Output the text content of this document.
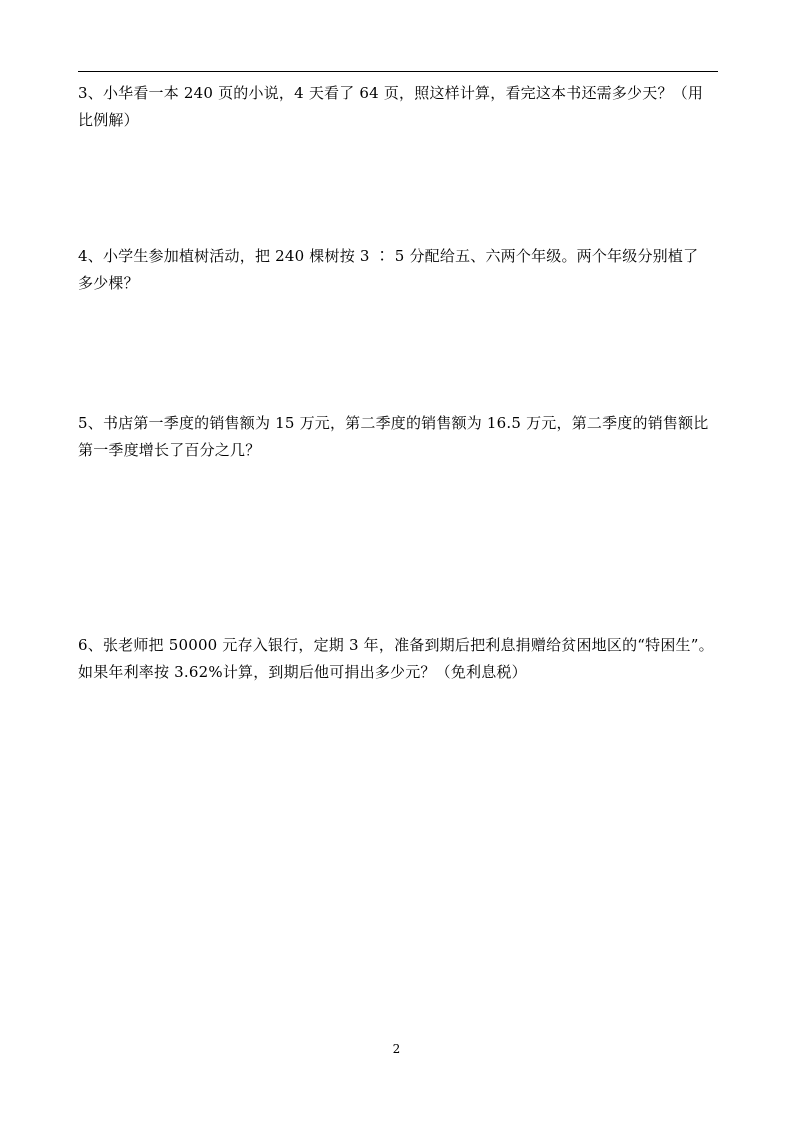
3、小华看一本 240 页的小说，4 天看了 64 页，照这样计算，看完这本书还需多少天？（用

比例解）

4、小学生参加植树活动，把 240 棵树按 3 ∶ 5 分配给五、六两个年级。两个年级分别植了

多少棵？

5、书店第一季度的销售额为 15 万元，第二季度的销售额为 16.5 万元，第二季度的销售额比

第一季度增长了百分之几？

6、张老师把 50000 元存入银行，定期 3 年，准备到期后把利息捐赠给贫困地区的“特困生”。

如果年利率按 3.62%计算，到期后他可捐出多少元？（免利息税）

2
